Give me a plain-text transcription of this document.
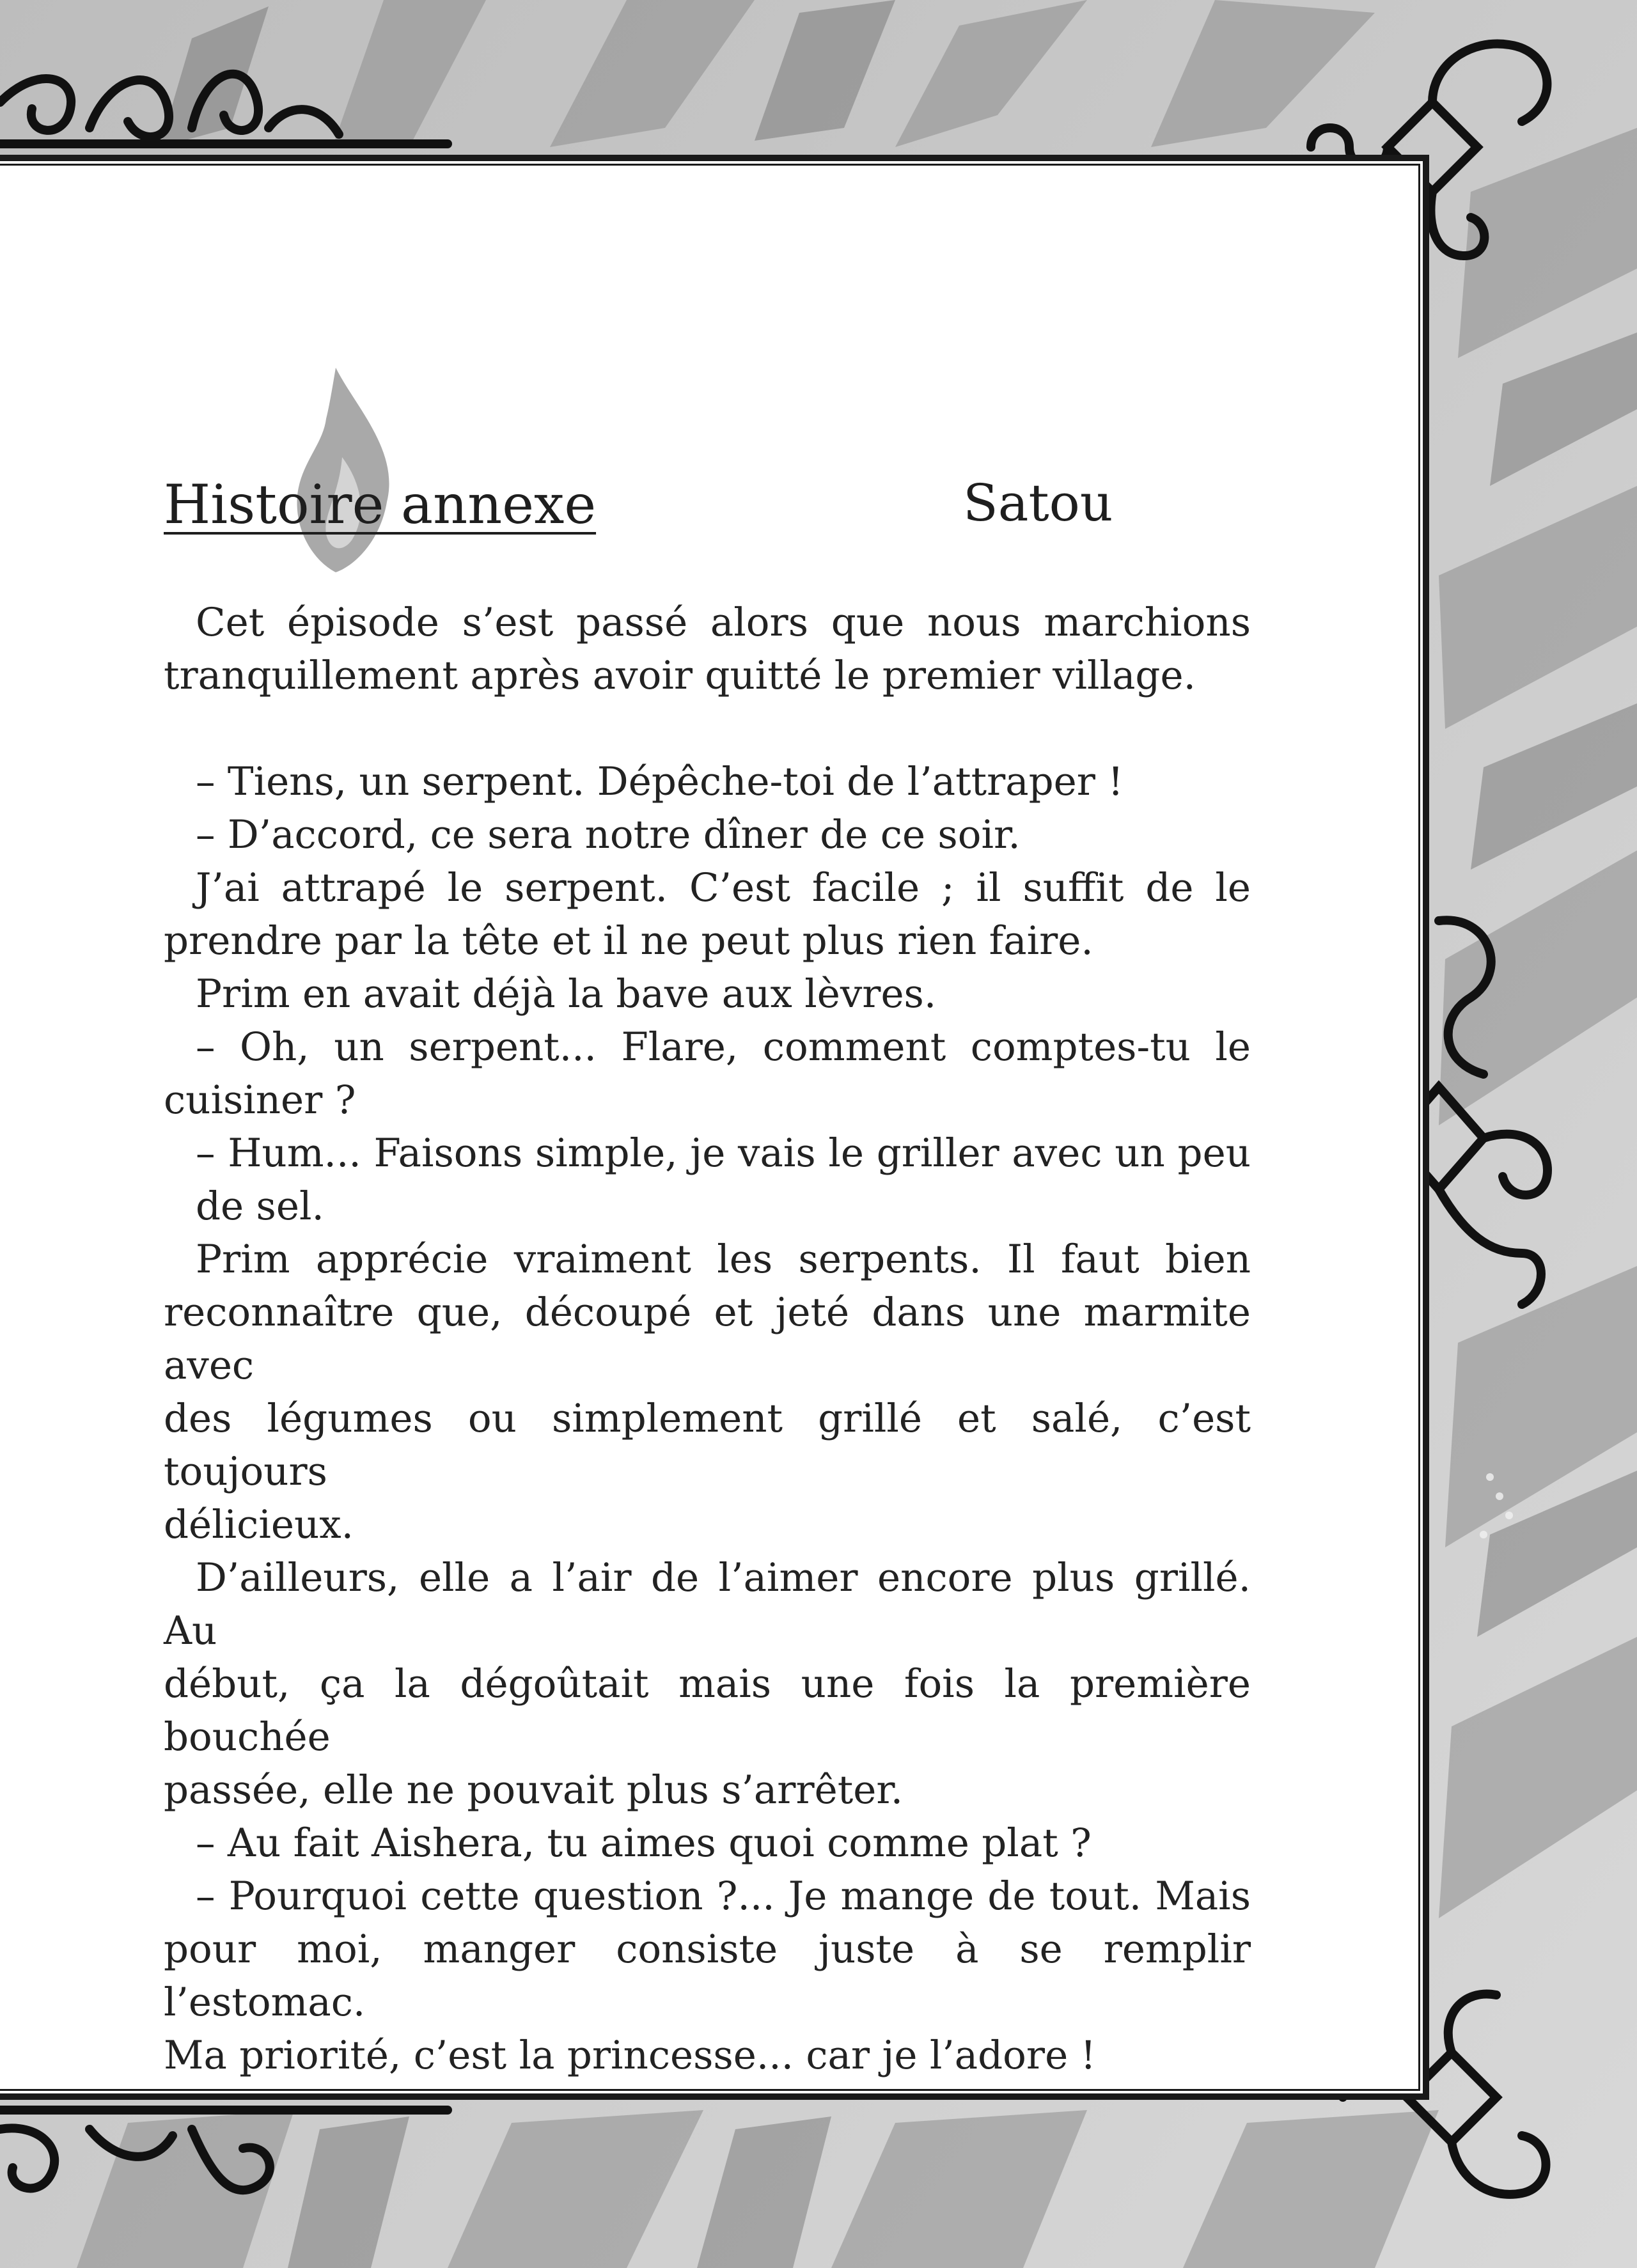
Histoire annexe	Satou

Cet épisode s’est passé alors que nous marchions

tranquillement après avoir quitté le premier village.

– Tiens, un serpent. Dépêche-toi de l’attraper !

– D’accord, ce sera notre dîner de ce soir.

J’ai attrapé le serpent. C’est facile ; il suffit de le

prendre par la tête et il ne peut plus rien faire.

Prim en avait déjà la bave aux lèvres.

– Oh, un serpent... Flare, comment comptes-tu le

cuisiner ?

– Hum... Faisons simple, je vais le griller avec un peu

de sel.

Prim apprécie vraiment les serpents. Il faut bien

reconnaître que, découpé et jeté dans une marmite avec

des légumes ou simplement grillé et salé, c’est toujours

délicieux.

D’ailleurs, elle a l’air de l’aimer encore plus grillé. Au

début, ça la dégoûtait mais une fois la première bouchée

passée, elle ne pouvait plus s’arrêter.

– Au fait Aishera, tu aimes quoi comme plat ?

– Pourquoi cette question ?... Je mange de tout. Mais

pour moi, manger consiste juste à se remplir l’estomac.

Ma priorité, c’est la princesse... car je l’adore !
